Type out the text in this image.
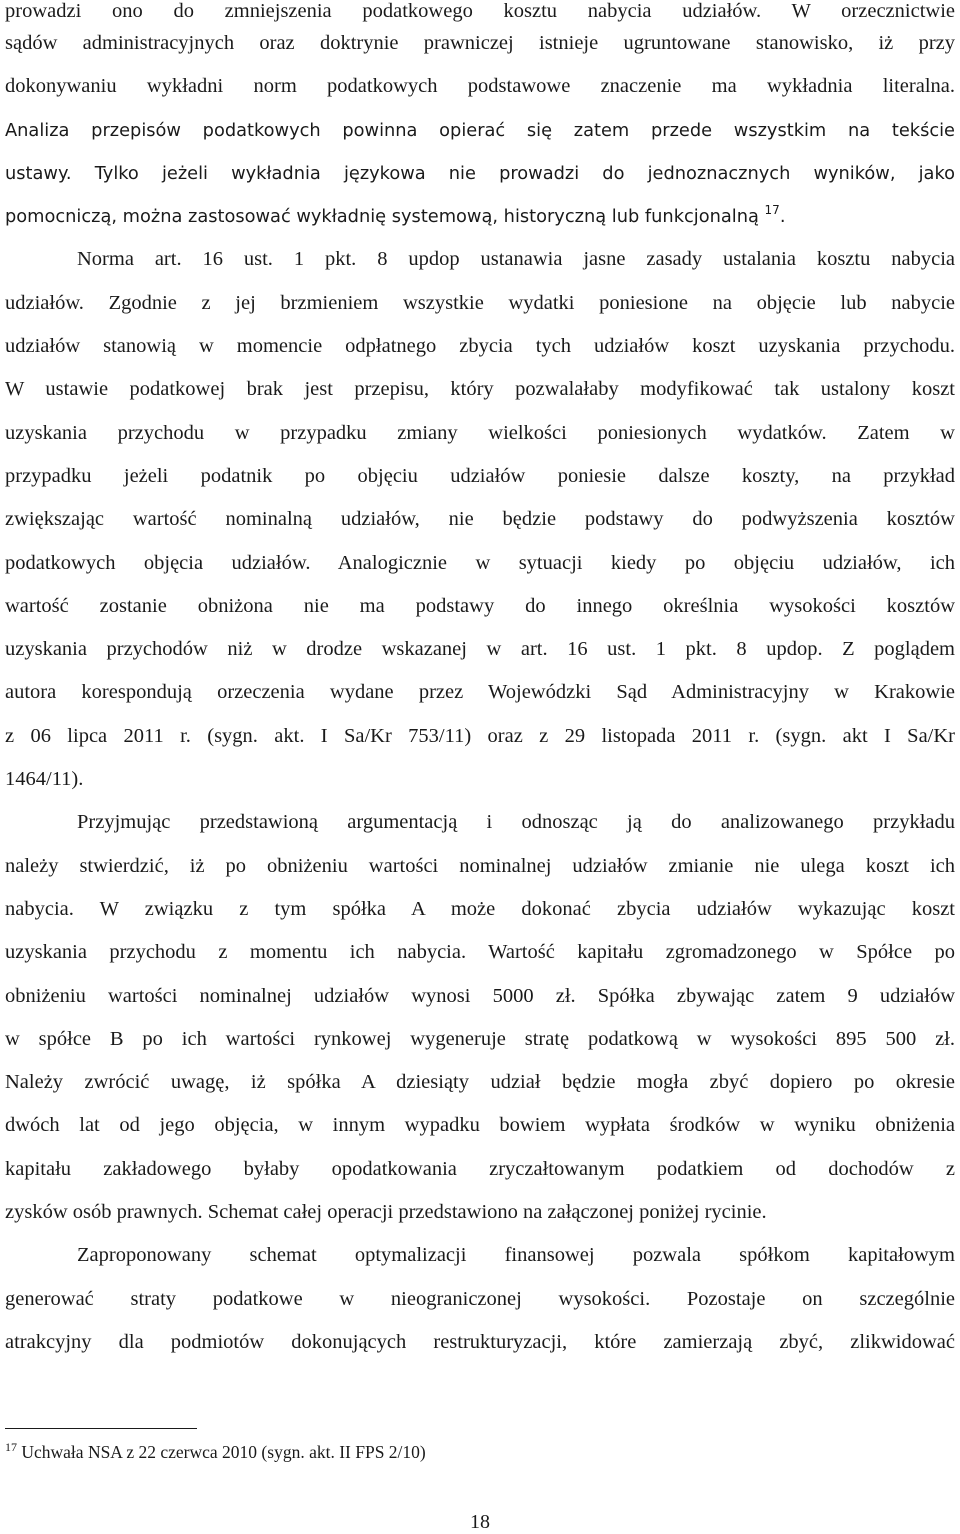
prowadzi ono do zmniejszenia podatkowego kosztu nabycia udziałów. W orzecznictwie
sądów administracyjnych oraz doktrynie prawniczej istnieje ugruntowane stanowisko, iż przy
dokonywaniu wykładni norm podatkowych podstawowe znaczenie ma wykładnia literalna.
Analiza przepisów podatkowych powinna opierać się zatem przede wszystkim na tekście
ustawy. Tylko jeżeli wykładnia językowa nie prowadzi do jednoznacznych wyników, jako
pomocniczą, można zastosować wykładnię systemową, historyczną lub funkcjonalną $^{17}$.
Norma art. 16 ust. 1 pkt. 8 updop ustanawia jasne zasady ustalania kosztu nabycia
udziałów. Zgodnie z jej brzmieniem wszystkie wydatki poniesione na objęcie lub nabycie
udziałów stanowią w momencie odpłatnego zbycia tych udziałów koszt uzyskania przychodu.
W ustawie podatkowej brak jest przepisu, który pozwalałaby modyfikować tak ustalony koszt
uzyskania przychodu w przypadku zmiany wielkości poniesionych wydatków. Zatem w
przypadku jeżeli podatnik po objęciu udziałów poniesie dalsze koszty, na przykład
zwiększając wartość nominalną udziałów, nie będzie podstawy do podwyższenia kosztów
podatkowych objęcia udziałów. Analogicznie w sytuacji kiedy po objęciu udziałów, ich
wartość zostanie obniżona nie ma podstawy do innego określnia wysokości kosztów
uzyskania przychodów niż w drodze wskazanej w art. 16 ust. 1 pkt. 8 updop. Z poglądem
autora korespondują orzeczenia wydane przez Wojewódzki Sąd Administracyjny w Krakowie
z 06 lipca 2011 r. (sygn. akt. I Sa/Kr 753/11) oraz z 29 listopada 2011 r. (sygn. akt I Sa/Kr
1464/11).
Przyjmując przedstawioną argumentacją i odnosząc ją do analizowanego przykładu
należy stwierdzić, iż po obniżeniu wartości nominalnej udziałów zmianie nie ulega koszt ich
nabycia. W związku z tym spółka A może dokonać zbycia udziałów wykazując koszt
uzyskania przychodu z momentu ich nabycia. Wartość kapitału zgromadzonego w Spółce po
obniżeniu wartości nominalnej udziałów wynosi 5000 zł. Spółka zbywając zatem 9 udziałów
w spółce B po ich wartości rynkowej wygeneruje stratę podatkową w wysokości 895 500 zł.
Należy zwrócić uwagę, iż spółka A dziesiąty udział będzie mogła zbyć dopiero po okresie
dwóch lat od jego objęcia, w innym wypadku bowiem wypłata środków w wyniku obniżenia
kapitału zakładowego byłaby opodatkowania zryczałtowanym podatkiem od dochodów z
zysków osób prawnych. Schemat całej operacji przedstawiono na załączonej poniżej rycinie.
Zaproponowany schemat optymalizacji finansowej pozwala spółkom kapitałowym
generować straty podatkowe w nieograniczonej wysokości. Pozostaje on szczególnie
atrakcyjny dla podmiotów dokonujących restrukturyzacji, które zamierzają zbyć, zlikwidować
$^{17}$ Uchwała NSA z 22 czerwca 2010 (sygn. akt. II FPS 2/10)
18
